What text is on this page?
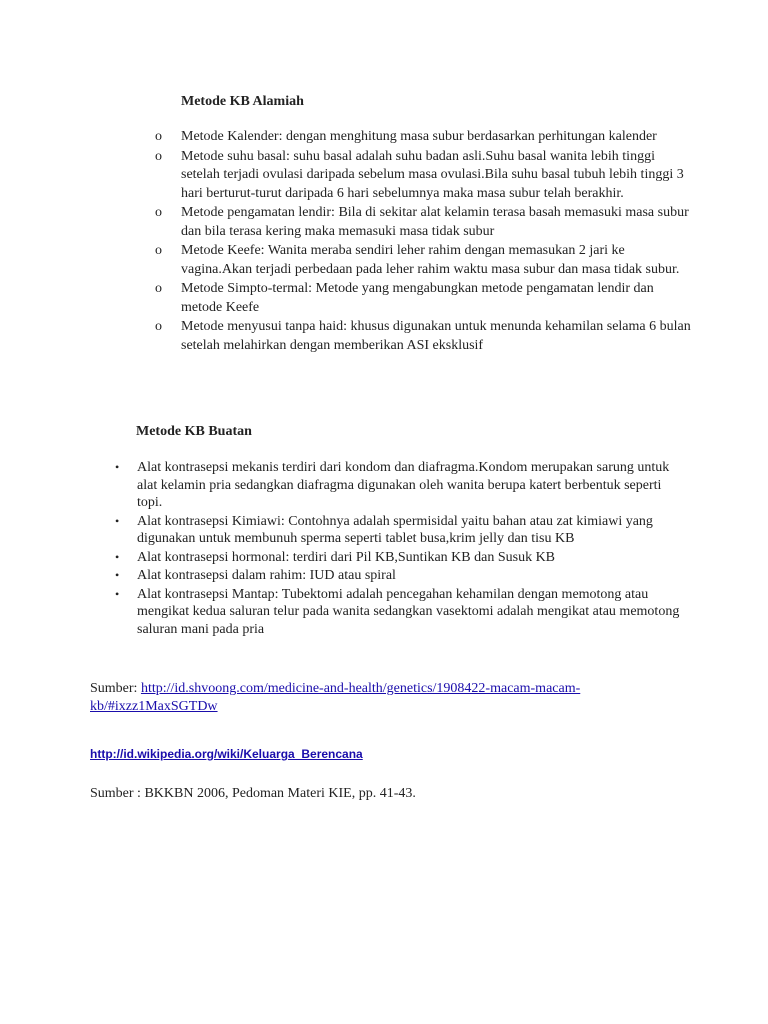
Metode KB Alamiah
o Metode Kalender: dengan menghitung masa subur berdasarkan perhitungan kalender
o Metode suhu basal: suhu basal adalah suhu badan asli.Suhu basal wanita lebih tinggi setelah terjadi ovulasi daripada sebelum masa ovulasi.Bila suhu basal tubuh lebih tinggi 3 hari berturut-turut daripada 6 hari sebelumnya maka masa subur telah berakhir.
o Metode pengamatan lendir: Bila di sekitar alat kelamin terasa basah memasuki masa subur dan bila terasa kering maka memasuki masa tidak subur
o Metode Keefe: Wanita meraba sendiri leher rahim dengan memasukan 2 jari ke vagina.Akan terjadi perbedaan pada leher rahim waktu masa subur dan masa tidak subur.
o Metode Simpto-termal: Metode yang mengabungkan metode pengamatan lendir dan metode Keefe
o Metode menyusui tanpa haid: khusus digunakan untuk menunda kehamilan selama 6 bulan setelah melahirkan dengan memberikan ASI eksklusif
Metode KB Buatan
• Alat kontrasepsi mekanis terdiri dari kondom dan diafragma.Kondom merupakan sarung untuk alat kelamin pria sedangkan diafragma digunakan oleh wanita berupa katert berbentuk seperti topi.
• Alat kontrasepsi Kimiawi: Contohnya adalah spermisidal yaitu bahan atau zat kimiawi yang digunakan untuk membunuh sperma seperti tablet busa,krim jelly dan tisu KB
• Alat kontrasepsi hormonal: terdiri dari Pil KB,Suntikan KB dan Susuk KB
• Alat kontrasepsi dalam rahim: IUD atau spiral
• Alat kontrasepsi Mantap: Tubektomi adalah pencegahan kehamilan dengan memotong atau mengikat kedua saluran telur pada wanita sedangkan vasektomi adalah mengikat atau memotong saluran mani pada pria
Sumber: http://id.shvoong.com/medicine-and-health/genetics/1908422-macam-macam-kb/#ixzz1MaxSGTDw
http://id.wikipedia.org/wiki/Keluarga_Berencana
Sumber : BKKBN 2006, Pedoman Materi KIE, pp. 41-43.
